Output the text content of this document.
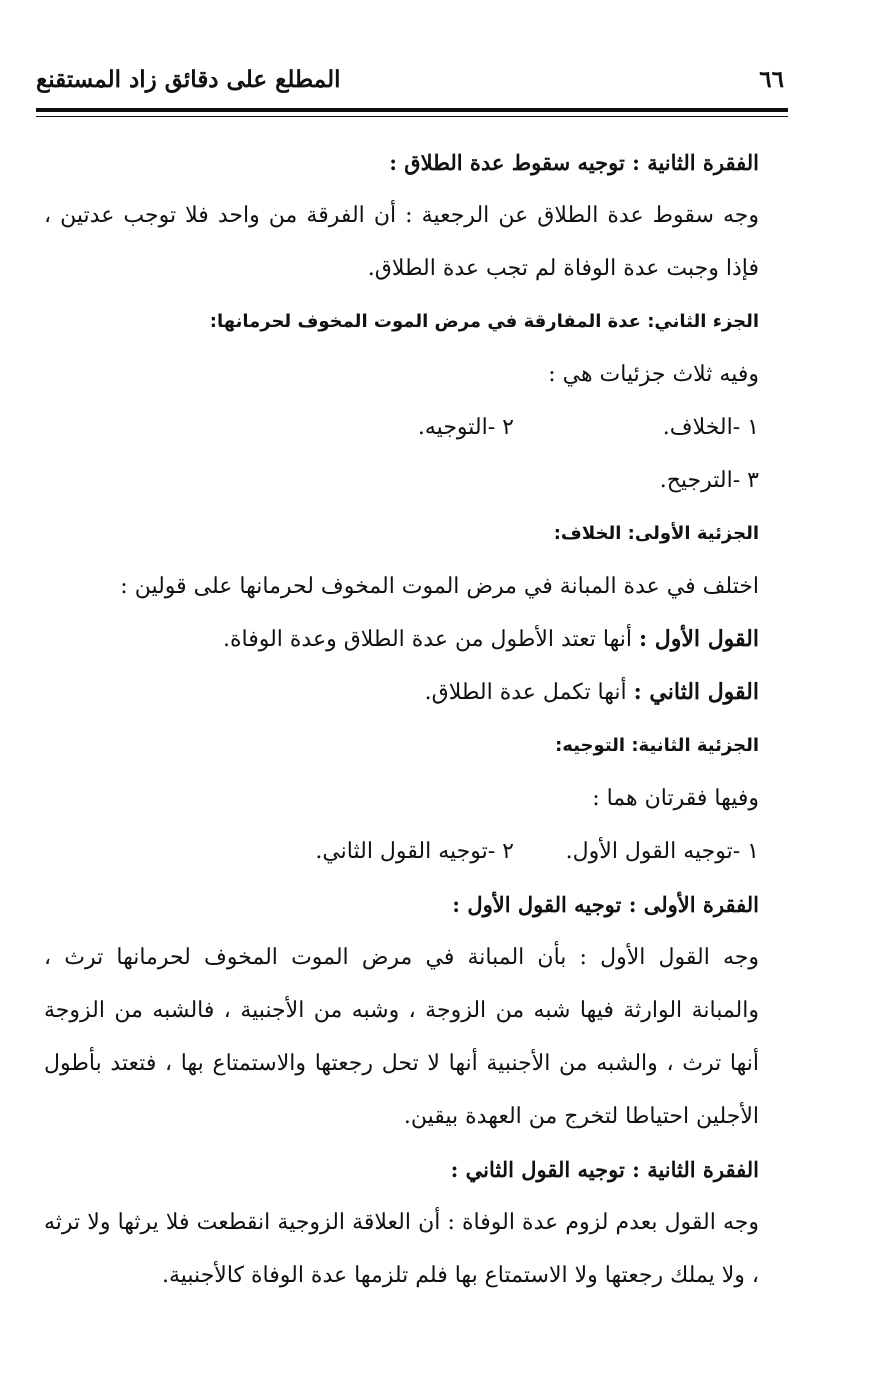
٦٦
المطلع على دقائق زاد المستقنع

الفقرة الثانية : توجيه سقوط عدة الطلاق :

وجه سقوط عدة الطلاق عن الرجعية : أن الفرقة من واحد فلا توجب عدتين ، فإذا وجبت عدة الوفاة لم تجب عدة الطلاق.

الجزء الثاني: عدة المفارقة في مرض الموت المخوف لحرمانها:

وفيه ثلاث جزئيات هي :

١ -الخلاف.
٢ -التوجيه.

٣ -الترجيح.

الجزئية الأولى: الخلاف:

اختلف في عدة المبانة في مرض الموت المخوف لحرمانها على قولين :

القول الأول : أنها تعتد الأطول من عدة الطلاق وعدة الوفاة.

القول الثاني : أنها تكمل عدة الطلاق.

الجزئية الثانية: التوجيه:

وفيها فقرتان هما :

١ -توجيه القول الأول.
٢ -توجيه القول الثاني.

الفقرة الأولى : توجيه القول الأول :

وجه القول الأول : بأن المبانة في مرض الموت المخوف لحرمانها ترث ، والمبانة الوارثة فيها شبه من الزوجة ، وشبه من الأجنبية ، فالشبه من الزوجة أنها ترث ، والشبه من الأجنبية أنها لا تحل رجعتها والاستمتاع بها ، فتعتد بأطول الأجلين احتياطا لتخرج من العهدة بيقين.

الفقرة الثانية : توجيه القول الثاني :

وجه القول بعدم لزوم عدة الوفاة : أن العلاقة الزوجية انقطعت فلا يرثها ولا ترثه ، ولا يملك رجعتها ولا الاستمتاع بها فلم تلزمها عدة الوفاة كالأجنبية.
